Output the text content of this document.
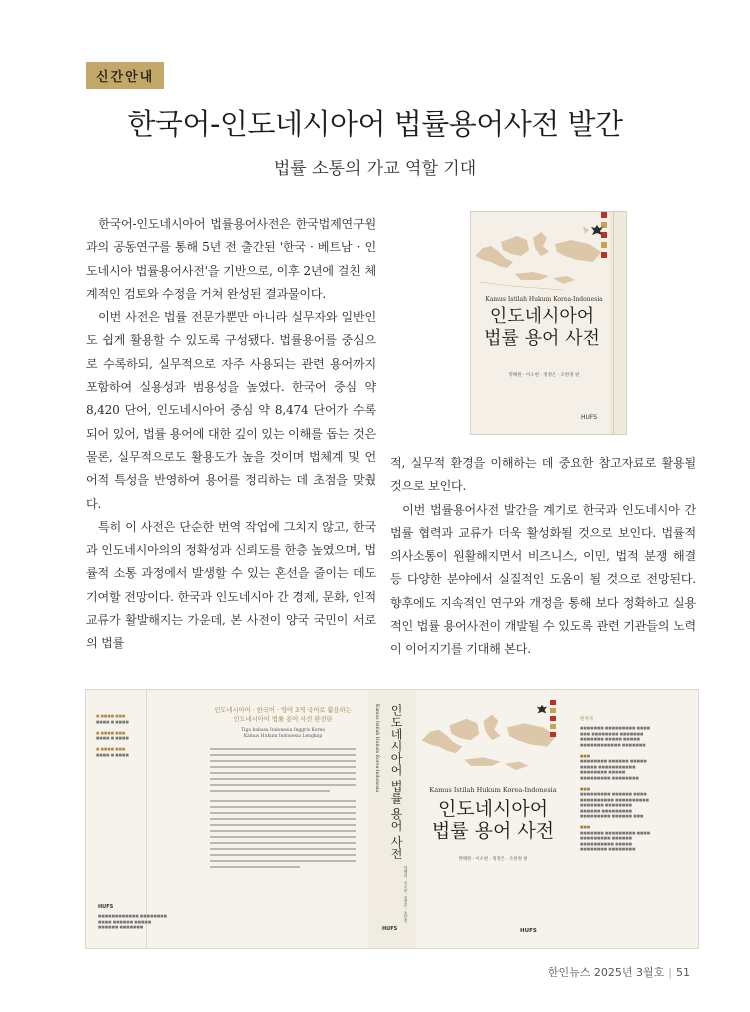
신간안내
한국어-인도네시아어 법률용어사전 발간
법률 소통의 가교 역할 기대

한국어-인도네시아어 법률용어사전은 한국법제연구원과의 공동연구를 통해 5년 전 출간된 '한국 · 베트남 · 인도네시아 법률용어사전'을 기반으로, 이후 2년에 걸친 체계적인 검토와 수정을 거쳐 완성된 결과물이다.

이번 사전은 법률 전문가뿐만 아니라 실무자와 일반인도 쉽게 활용할 수 있도록 구성됐다. 법률용어를 중심으로 수록하되, 실무적으로 자주 사용되는 관련 용어까지 포함하여 실용성과 범용성을 높였다. 한국어 중심 약 8,420 단어, 인도네시아어 중심 약 8,474 단어가 수록되어 있어, 법률 용어에 대한 깊이 있는 이해를 돕는 것은 물론, 실무적으로도 활용도가 높을 것이며 법체계 및 언어적 특성을 반영하여 용어를 정리하는 데 초점을 맞췄다.

특히 이 사전은 단순한 번역 작업에 그치지 않고, 한국과 인도네시아의의 정확성과 신뢰도를 한층 높였으며, 법률적 소통 과정에서 발생할 수 있는 혼선을 줄이는 데도 기여할 전망이다. 한국과 인도네시아 간 경제, 문화, 인적 교류가 활발해지는 가운데, 본 사전이 양국 국민이 서로의 법률

Kamus Istilah Hukum Korea-Indonesia
인도네시아어
법률 용어 사전
박해원 · 이소현 · 정정은 · 조한정 편
HUFS

적, 실무적 환경을 이해하는 데 중요한 참고자료로 활용될 것으로 보인다.

이번 법률용어사전 발간을 계기로 한국과 인도네시아 간 법률 협력과 교류가 더욱 활성화될 것으로 보인다. 법률적 의사소통이 원활해지면서 비즈니스, 이민, 법적 분쟁 해결 등 다양한 분야에서 실질적인 도움이 될 것으로 전망된다. 향후에도 지속적인 연구와 개정을 통해 보다 정확하고 실용적인 법률 용어사전이 개발될 수 있도록 관련 기관들의 노력이 이어지기를 기대해 본다.

■ ■■■■ ■■■
■■■■ ■ ■■■■

■ ■■■■ ■■■
■■■■ ■ ■■■■

■ ■■■■ ■■■
■■■■ ■ ■■■■
인도네시아어 · 한국어 · 영어 3개 국어로 활용하는
인도네시아어 법률 용어 사전 완전판
Tiga bahasa Indonesia Inggris Korea
Kamus Hukum Indonesia Lengkap
HUFS
■■■■■■■■■■■■ ■■■■■■■■
■■■■ ■■■■■■ ■■■■■
■■■■■■ ■■■■■■■
인도네시아어 법률 용어 사전
Kamus Istilah Hukum Korea-Indonesia
박해원 · 이소현 · 정정은 · 조한정
HUFS
Kamus Istilah Hukum Korea-Indonesia
인도네시아어
법률 용어 사전
박해원 · 이소현 · 정정은 · 조한정 편
HUFS
편저자
■■■■■■■ ■■■■■■■■■ ■■■■
■■■ ■■■■■■■■ ■■■■■■■
■■■■■■■ ■■■■■ ■■■■■
■■■■■■■■■■■■ ■■■■■■■

■■■
■■■■■■■■ ■■■■■■ ■■■■■
■■■■■ ■■■■■■■■■■■
■■■■■■■■ ■■■■■
■■■■■■■■■ ■■■■■■■■

■■■
■■■■■■■■■ ■■■■■■ ■■■■
■■■■■■■■■■ ■■■■■■■■■■
■■■■■■■ ■■■■■■■■
■■■■■■ ■■■■■■■■■
■■■■■■■■■ ■■■■■■ ■■■

■■■
■■■■■■■ ■■■■■■■■■ ■■■■
■■■■■■■■■ ■■■■■■
■■■■■■■■■■ ■■■■■
■■■■■■■■ ■■■■■■■■
한인뉴스 2025년 3월호 | 51
